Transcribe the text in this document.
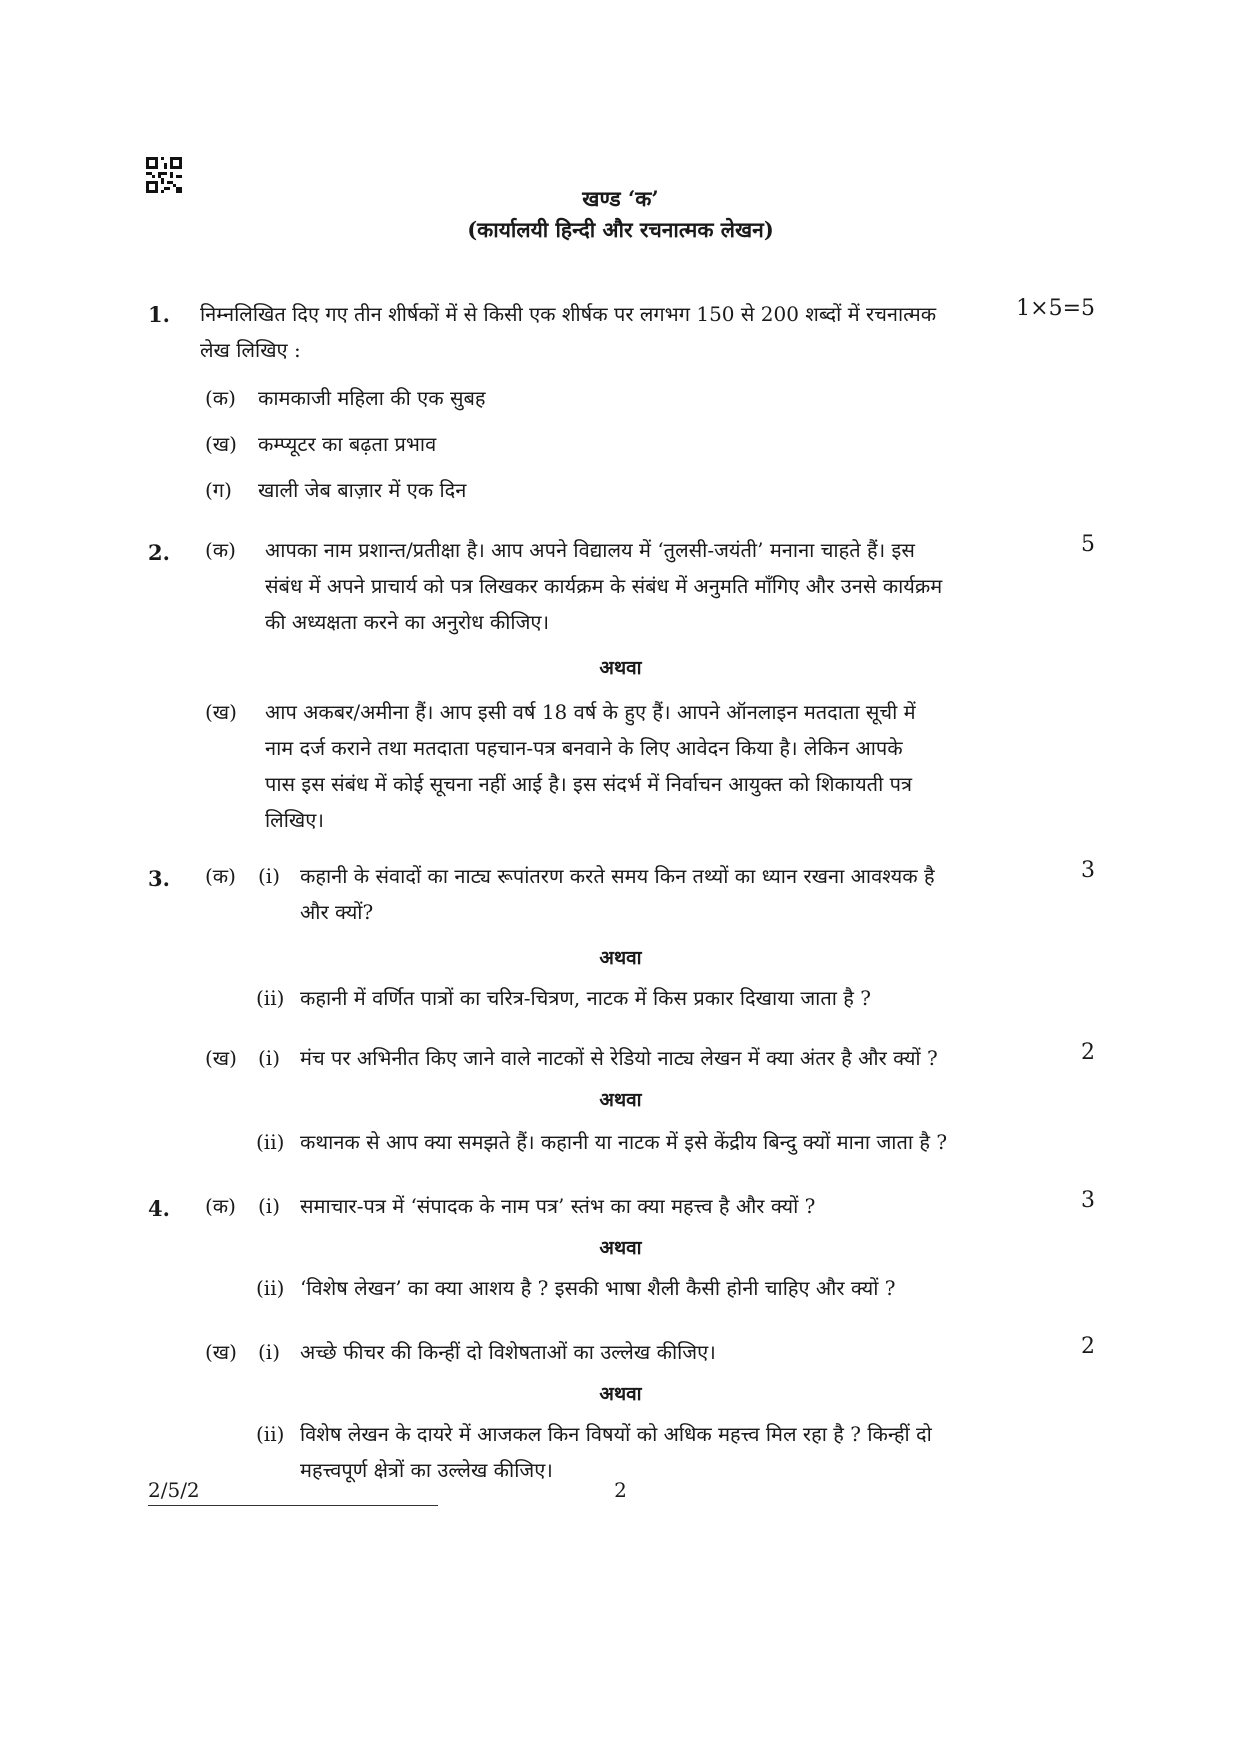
खण्ड ‘क’
(कार्यालयी हिन्दी और रचनात्मक लेखन)
1. निम्नलिखित दिए गए तीन शीर्षकों में से किसी एक शीर्षक पर लगभग 150 से 200 शब्दों में रचनात्मक
लेख लिखिए :
1×5=5
(क) कामकाजी महिला की एक सुबह
(ख) कम्प्यूटर का बढ़ता प्रभाव
(ग) खाली जेब बाज़ार में एक दिन
2. (क) आपका नाम प्रशान्त/प्रतीक्षा है। आप अपने विद्यालय में ‘तुलसी-जयंती’ मनाना चाहते हैं। इस
संबंध में अपने प्राचार्य को पत्र लिखकर कार्यक्रम के संबंध में अनुमति माँगिए और उनसे कार्यक्रम
की अध्यक्षता करने का अनुरोध कीजिए।
5
अथवा
(ख) आप अकबर/अमीना हैं। आप इसी वर्ष 18 वर्ष के हुए हैं। आपने ऑनलाइन मतदाता सूची में
नाम दर्ज कराने तथा मतदाता पहचान-पत्र बनवाने के लिए आवेदन किया है। लेकिन आपके
पास इस संबंध में कोई सूचना नहीं आई है। इस संदर्भ में निर्वाचन आयुक्त को शिकायती पत्र
लिखिए।
3. (क) (i) कहानी के संवादों का नाट्य रूपांतरण करते समय किन तथ्यों का ध्यान रखना आवश्यक है
और क्यों?
3
अथवा
(ii) कहानी में वर्णित पात्रों का चरित्र-चित्रण, नाटक में किस प्रकार दिखाया जाता है ?
(ख) (i) मंच पर अभिनीत किए जाने वाले नाटकों से रेडियो नाट्य लेखन में क्या अंतर है और क्यों ?	2
अथवा
(ii) कथानक से आप क्या समझते हैं। कहानी या नाटक में इसे केंद्रीय बिन्दु क्यों माना जाता है ?
4. (क) (i) समाचार-पत्र में ‘संपादक के नाम पत्र’ स्तंभ का क्या महत्त्व है और क्यों ?	3
अथवा
(ii) ‘विशेष लेखन’ का क्या आशय है ? इसकी भाषा शैली कैसी होनी चाहिए और क्यों ?
(ख) (i) अच्छे फीचर की किन्हीं दो विशेषताओं का उल्लेख कीजिए।	2
अथवा
(ii) विशेष लेखन के दायरे में आजकल किन विषयों को अधिक महत्त्व मिल रहा है ? किन्हीं दो
महत्त्वपूर्ण क्षेत्रों का उल्लेख कीजिए।
2/5/2	2
